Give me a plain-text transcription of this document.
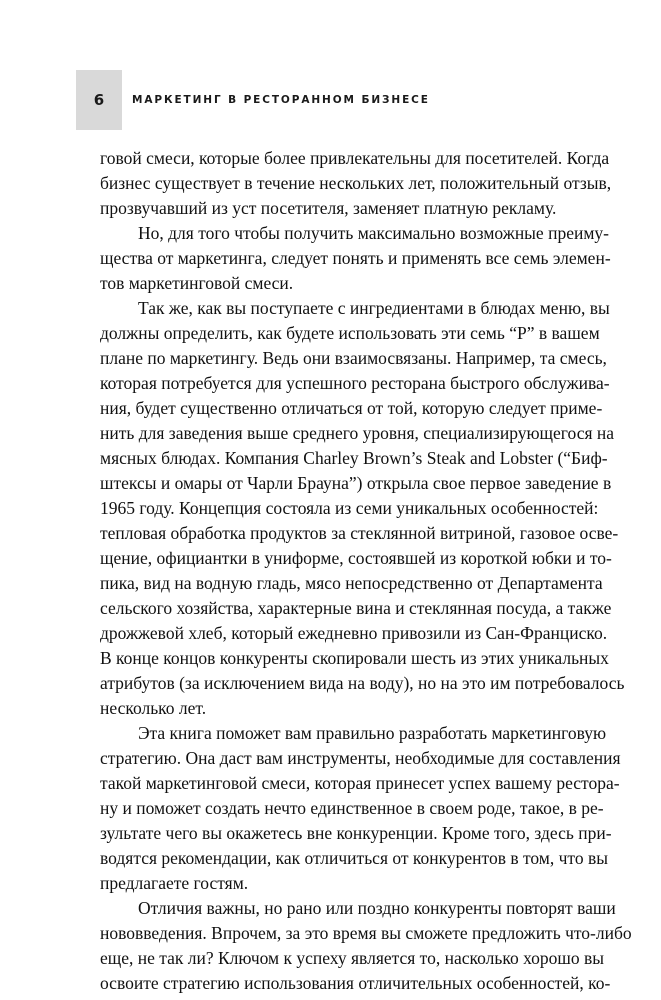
6	МАРКЕТИНГ В РЕСТОРАННОМ БИЗНЕСЕ
говой смеси, которые более привлекательны для посетителей. Когда
бизнес существует в течение нескольких лет, положительный отзыв,
прозвучавший из уст посетителя, заменяет платную рекламу.
Но, для того чтобы получить максимально возможные преиму-
щества от маркетинга, следует понять и применять все семь элемен-
тов маркетинговой смеси.
Так же, как вы поступаете с ингредиентами в блюдах меню, вы
должны определить, как будете использовать эти семь “P” в вашем
плане по маркетингу. Ведь они взаимосвязаны. Например, та смесь,
которая потребуется для успешного ресторана быстрого обслужива-
ния, будет существенно отличаться от той, которую следует приме-
нить для заведения выше среднего уровня, специализирующегося на
мясных блюдах. Компания Charley Brown’s Steak and Lobster (“Биф-
штексы и омары от Чарли Брауна”) открыла свое первое заведение в
1965 году. Концепция состояла из семи уникальных особенностей:
тепловая обработка продуктов за стеклянной витриной, газовое осве-
щение, официантки в униформе, состоявшей из короткой юбки и то-
пика, вид на водную гладь, мясо непосредственно от Департамента
сельского хозяйства, характерные вина и стеклянная посуда, а также
дрожжевой хлеб, который ежедневно привозили из Сан-Франциско.
В конце концов конкуренты скопировали шесть из этих уникальных
атрибутов (за исключением вида на воду), но на это им потребовалось
несколько лет.
Эта книга поможет вам правильно разработать маркетинговую
стратегию. Она даст вам инструменты, необходимые для составления
такой маркетинговой смеси, которая принесет успех вашему рестора-
ну и поможет создать нечто единственное в своем роде, такое, в ре-
зультате чего вы окажетесь вне конкуренции. Кроме того, здесь при-
водятся рекомендации, как отличиться от конкурентов в том, что вы
предлагаете гостям.
Отличия важны, но рано или поздно конкуренты повторят ваши
нововведения. Впрочем, за это время вы сможете предложить что-либо
еще, не так ли? Ключом к успеху является то, насколько хорошо вы
освоите стратегию использования отличительных особенностей, ко-
